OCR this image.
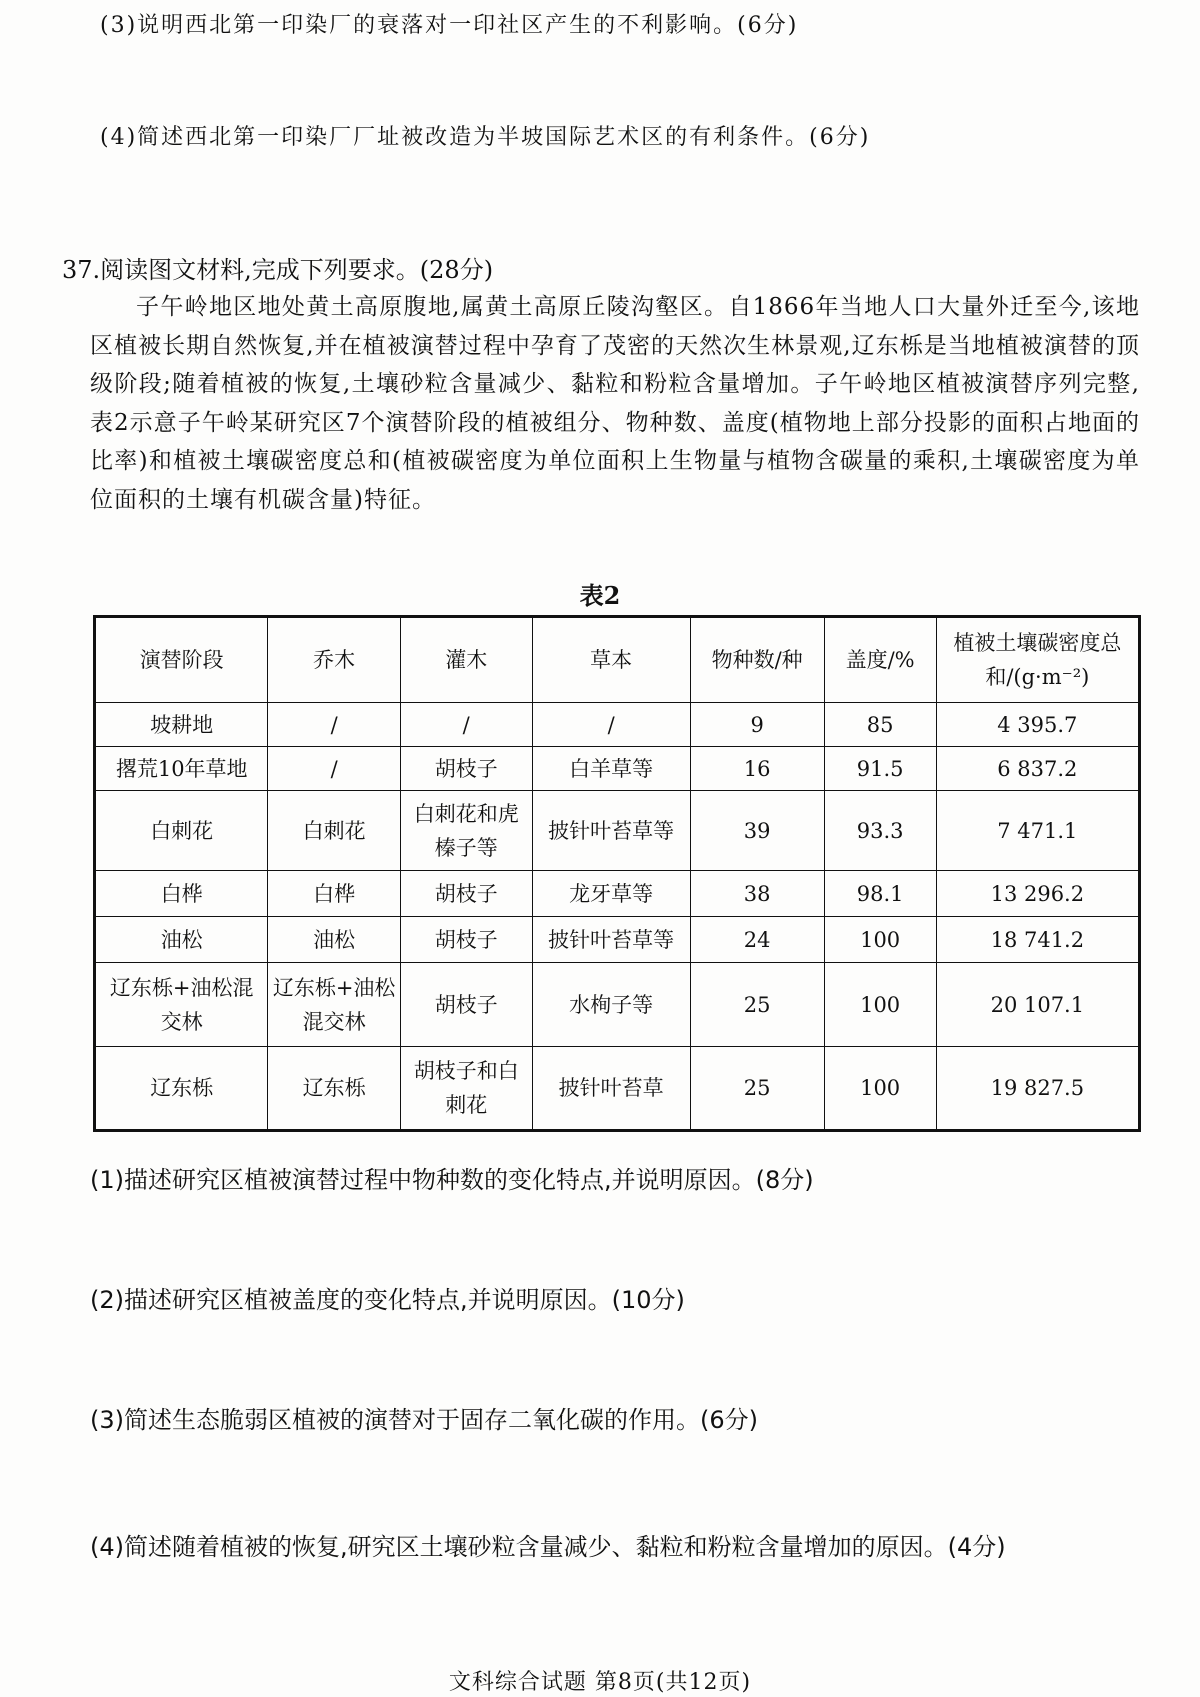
(3)说明西北第一印染厂的衰落对一印社区产生的不利影响。(6分)
(4)简述西北第一印染厂厂址被改造为半坡国际艺术区的有利条件。(6分)
37.阅读图文材料,完成下列要求。(28分)
子午岭地区地处黄土高原腹地,属黄土高原丘陵沟壑区。自1866年当地人口大量外迁至今,该地区植被长期自然恢复,并在植被演替过程中孕育了茂密的天然次生林景观,辽东栎是当地植被演替的顶级阶段;随着植被的恢复,土壤砂粒含量减少、黏粒和粉粒含量增加。子午岭地区植被演替序列完整,表2示意子午岭某研究区7个演替阶段的植被组分、物种数、盖度(植物地上部分投影的面积占地面的比率)和植被土壤碳密度总和(植被碳密度为单位面积上生物量与植物含碳量的乘积,土壤碳密度为单位面积的土壤有机碳含量)特征。
表2
演替阶段	乔木	灌木	草本	物种数/种	盖度/%	植被土壤碳密度总和/(g·m⁻²)
坡耕地	/	/	/	9	85	4 395.7
撂荒10年草地	/	胡枝子	白羊草等	16	91.5	6 837.2
白刺花	白刺花	白刺花和虎榛子等	披针叶苔草等	39	93.3	7 471.1
白桦	白桦	胡枝子	龙牙草等	38	98.1	13 296.2
油松	油松	胡枝子	披针叶苔草等	24	100	18 741.2
辽东栎+油松混交林	辽东栎+油松混交林	胡枝子	水栒子等	25	100	20 107.1
辽东栎	辽东栎	胡枝子和白刺花	披针叶苔草	25	100	19 827.5
(1)描述研究区植被演替过程中物种数的变化特点,并说明原因。(8分)
(2)描述研究区植被盖度的变化特点,并说明原因。(10分)
(3)简述生态脆弱区植被的演替对于固存二氧化碳的作用。(6分)
(4)简述随着植被的恢复,研究区土壤砂粒含量减少、黏粒和粉粒含量增加的原因。(4分)
文科综合试题 第8页(共12页)
